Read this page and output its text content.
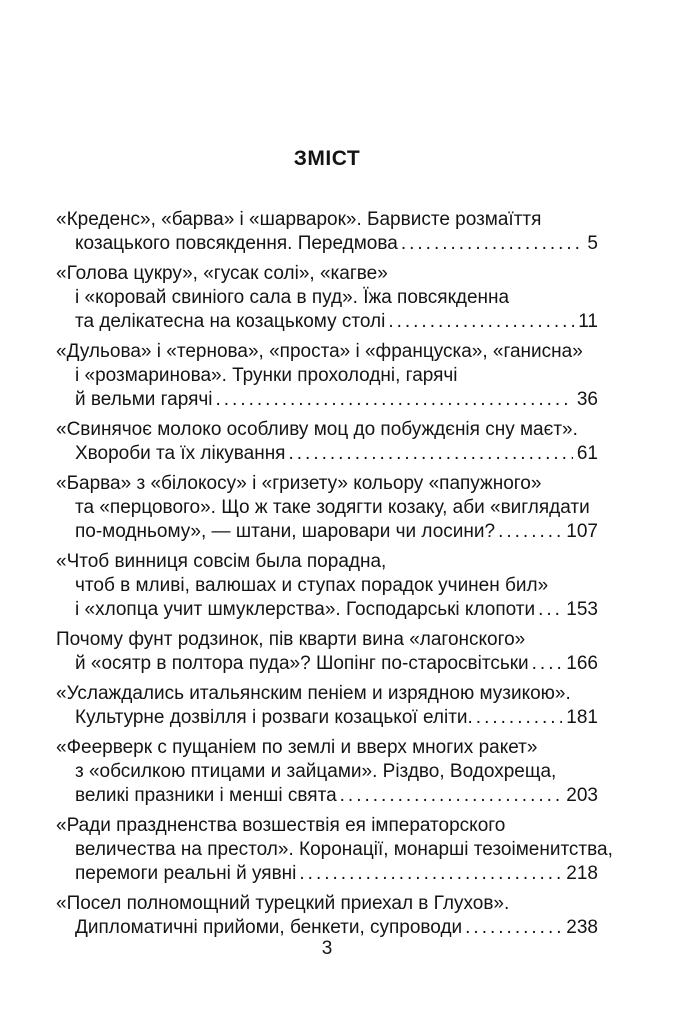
ЗМІСТ
«Креденс», «барва» і «шарварок». Барвисте розмаїття
козацького повсякдення. Передмова .....	5
«Голова цукру», «гусак солі», «кагве»
і «коровай свиніого сала в пуд». Їжа повсякденна
та делікатесна на козацькому столі .....	11
«Дульова» і «тернова», «проста» і «француска», «ганисна»
і «розмаринова». Трунки прохолодні, гарячі
й вельми гарячі .....	36
«Свинячоє молоко особливу моц до побуждєнія сну маєт».
Хвороби та їх лікування .....	61
«Барва» з «білокосу» і «гризету» кольору «папужного»
та «перцового». Що ж таке зодягти козаку, аби «виглядати
по-модньому», — штани, шаровари чи лосини? .....	107
«Чтоб винниця совсім была порадна,
чтоб в мливі, валюшах и ступах порадок учинен бил»
і «хлопца учит шмуклерства». Господарські клопоти ..... 153
Почому фунт родзинок, пів кварти вина «лагонского»
й «осятр в полтора пуда»? Шопінг по-старосвітськи ..... 166
«Услаждались итальянским пеніем и изрядною музикою».
Культурне дозвілля і розваги козацької еліти. .....	181
«Феерверк с пущаніем по землі и вверх многих ракет»
з «обсилкою птицами и зайцами». Різдво, Водохреща,
великі празники і менші свята .....	203
«Ради праздненства возшествія ея імператорского
величества на престол». Коронації, монарші тезоіменитства,
перемоги реальні й уявні .....	218
«Посел полномощний турецкий приехал в Глухов».
Дипломатичні прийоми, бенкети, супроводи .....	238
3
